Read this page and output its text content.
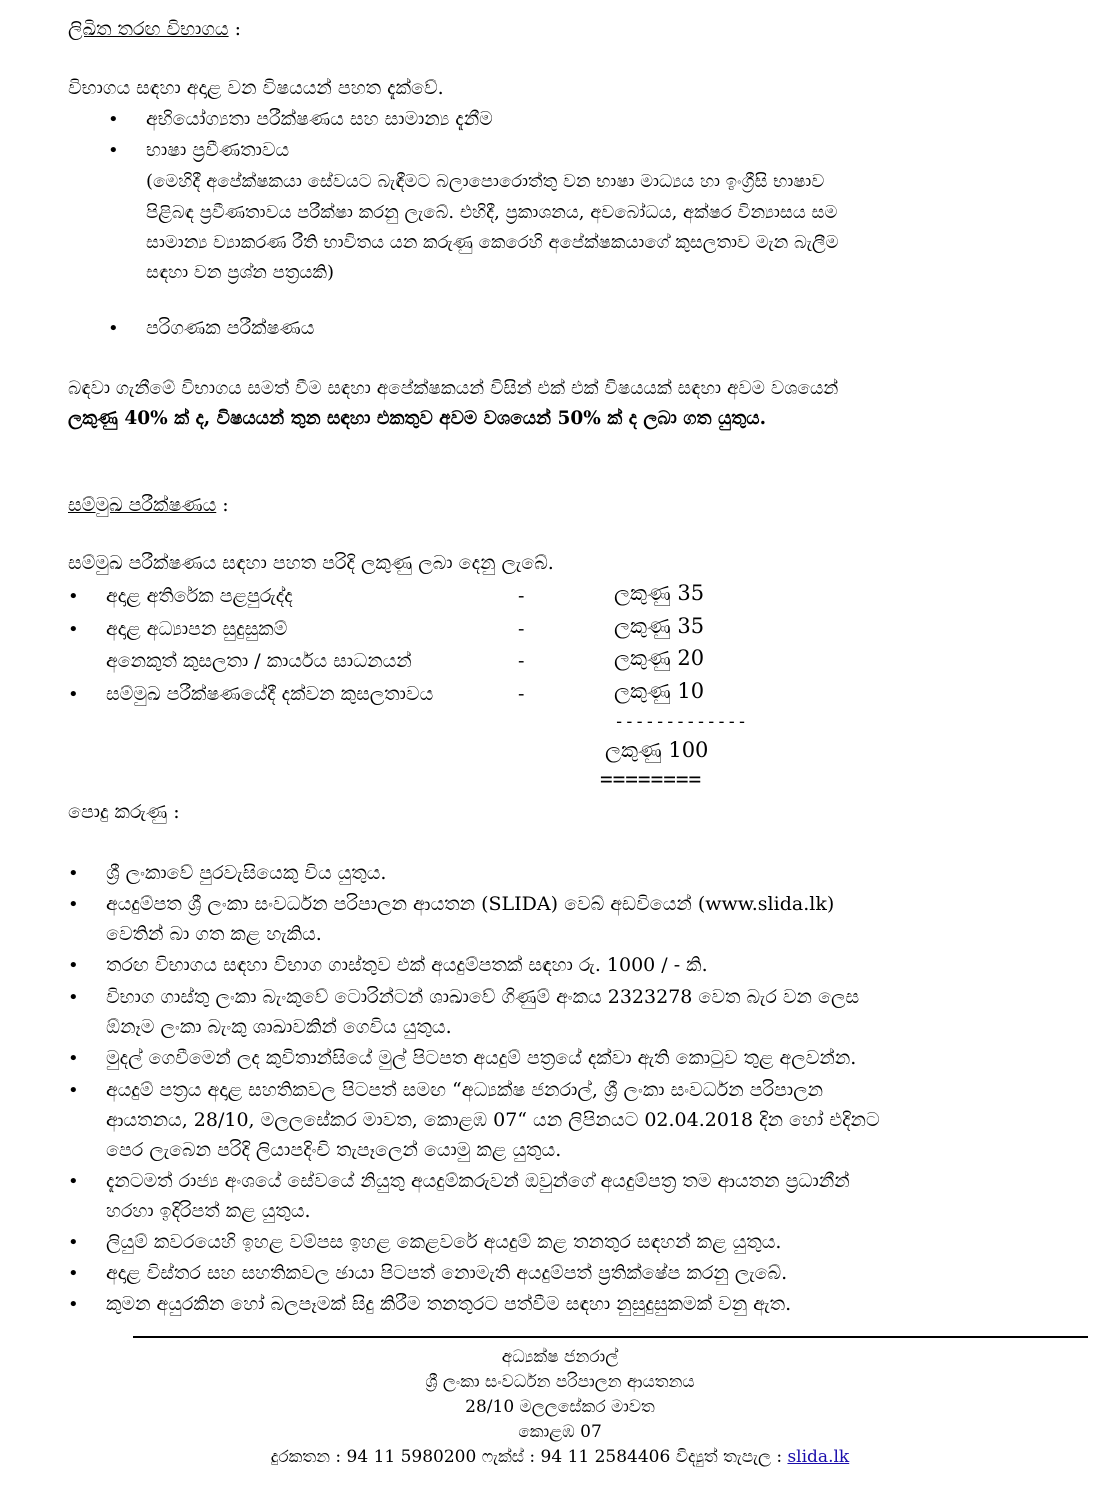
ලිඛිත තරඟ විභාගය :
විභාගය සඳහා අදාළ වන විෂයයන් පහත දැක්වේ.
• අභියෝග්‍යතා පරීක්ෂණය සහ සාමාන්‍ය දැනීම
• භාෂා ප්‍රවීණතාවය
(මෙහිදී අපේක්ෂකයා සේවයට බැඳීමට බලාපොරොත්තු වන භාෂා මාධ්‍යය හා ඉංග්‍රීසි භාෂාව
පිළිබඳ ප්‍රවීණතාවය පරීක්ෂා කරනු ලැබේ. එහිදී, ප්‍රකාශනය, අවබෝධය, අක්ෂර වින්‍යාසය සම
සාමාන්‍ය ව්‍යාකරණ රීති භාවිතය යන කරුණු කෙරෙහි අපේක්ෂකයාගේ කුසලතාව මැන බැලීම
සඳහා වන ප්‍රශ්න පත්‍රයකි)
• පරිගණක පරීක්ෂණය
බඳවා ගැනීමේ විභාගය සමත් වීම සඳහා අපේක්ෂකයන් විසින් එක් එක් විෂයයක් සඳහා අවම වශයෙන්
ලකුණු 40% ක් ද, විෂයයන් තුන සඳහා එකතුව අවම වශයෙන් 50% ක් ද ලබා ගත යුතුය.
සම්මුඛ පරීක්ෂණය :
සම්මුඛ පරීක්ෂණය සඳහා පහත පරිදි ලකුණු ලබා දෙනු ලැබේ.
• අදාළ අතිරේක පළපුරුද්ද	-	ලකුණු 35
• අදාළ අධ්‍යාපන සුදුසුකම්	-	ලකුණු 35
අනෙකුත් කුසලතා / කාර්යය සාධනයන්	-	ලකුණු 20
• සම්මුඛ පරීක්ෂණයේදී දක්වන කුසලතාවය	-	ලකුණු 10
-------------
ලකුණු 100
========
පොදු කරුණු :
• ශ්‍රී ලංකාවේ පුරවැසියෙකු විය යුතුය.
• අයදුම්පත ශ්‍රී ලංකා සංවර්ධන පරිපාලන ආයතන (SLIDA) වෙබ් අඩවියෙන් (www.slida.lk)
වෙතින් බා ගත කළ හැකිය.
• තරඟ විභාගය සඳහා විභාග ගාස්තුව එක් අයදුම්පතක් සඳහා රු. 1000 / - කි.
• විභාග ගාස්තු ලංකා බැංකුවේ ටොරින්ටන් ශාඛාවේ ගිණුම් අංකය 2323278 වෙත බැර වන ලෙස
ඕනෑම ලංකා බැංකු ශාඛාවකින් ගෙවිය යුතුය.
• මුදල් ගෙවීමෙන් ලද කුවිතාන්සියේ මුල් පිටපත අයදුම් පත්‍රයේ දක්වා ඇති කොටුව තුළ අලවන්න.
• අයදුම් පත්‍රය අදාළ සහතිකවල පිටපත් සමඟ “අධ්‍යක්ෂ ජනරාල්, ශ්‍රී ලංකා සංවර්ධන පරිපාලන
ආයතනය, 28/10, මලලසේකර මාවත, කොළඹ 07“ යන ලිපිනයට 02.04.2018 දින හෝ එදිනට
පෙර ලැබෙන පරිදි ලියාපදිංචි තැපෑලෙන් යොමු කළ යුතුය.
• දැනටමත් රාජ්‍ය අංශයේ සේවයේ නියුතු අයදුම්කරුවන් ඔවුන්ගේ අයදුම්පත්‍ර තම ආයතන ප්‍රධානීන්
හරහා ඉදිරිපත් කළ යුතුය.
• ලියුම් කවරයෙහි ඉහළ වම්පස ඉහළ කෙළවරේ අයදුම් කළ තනතුර සඳහන් කළ යුතුය.
• අදාළ විස්තර සහ සහතිකවල ඡායා පිටපත් නොමැති අයදුම්පත් ප්‍රතික්ෂේප කරනු ලැබේ.
• කුමන අයුරකින හෝ බලපෑමක් සිදු කිරීම තනතුරට පත්වීම සඳහා නුසුදුසුකමක් වනු ඇත.
අධ්‍යක්ෂ ජනරාල්
ශ්‍රී ලංකා සංවර්ධන පරිපාලන ආයතනය
28/10 මලලසේකර මාවත
කොළඹ 07
දුරකතන : 94 11 5980200 ෆැක්ස් : 94 11 2584406 විද්‍යුත් තැපැල : slida.lk
